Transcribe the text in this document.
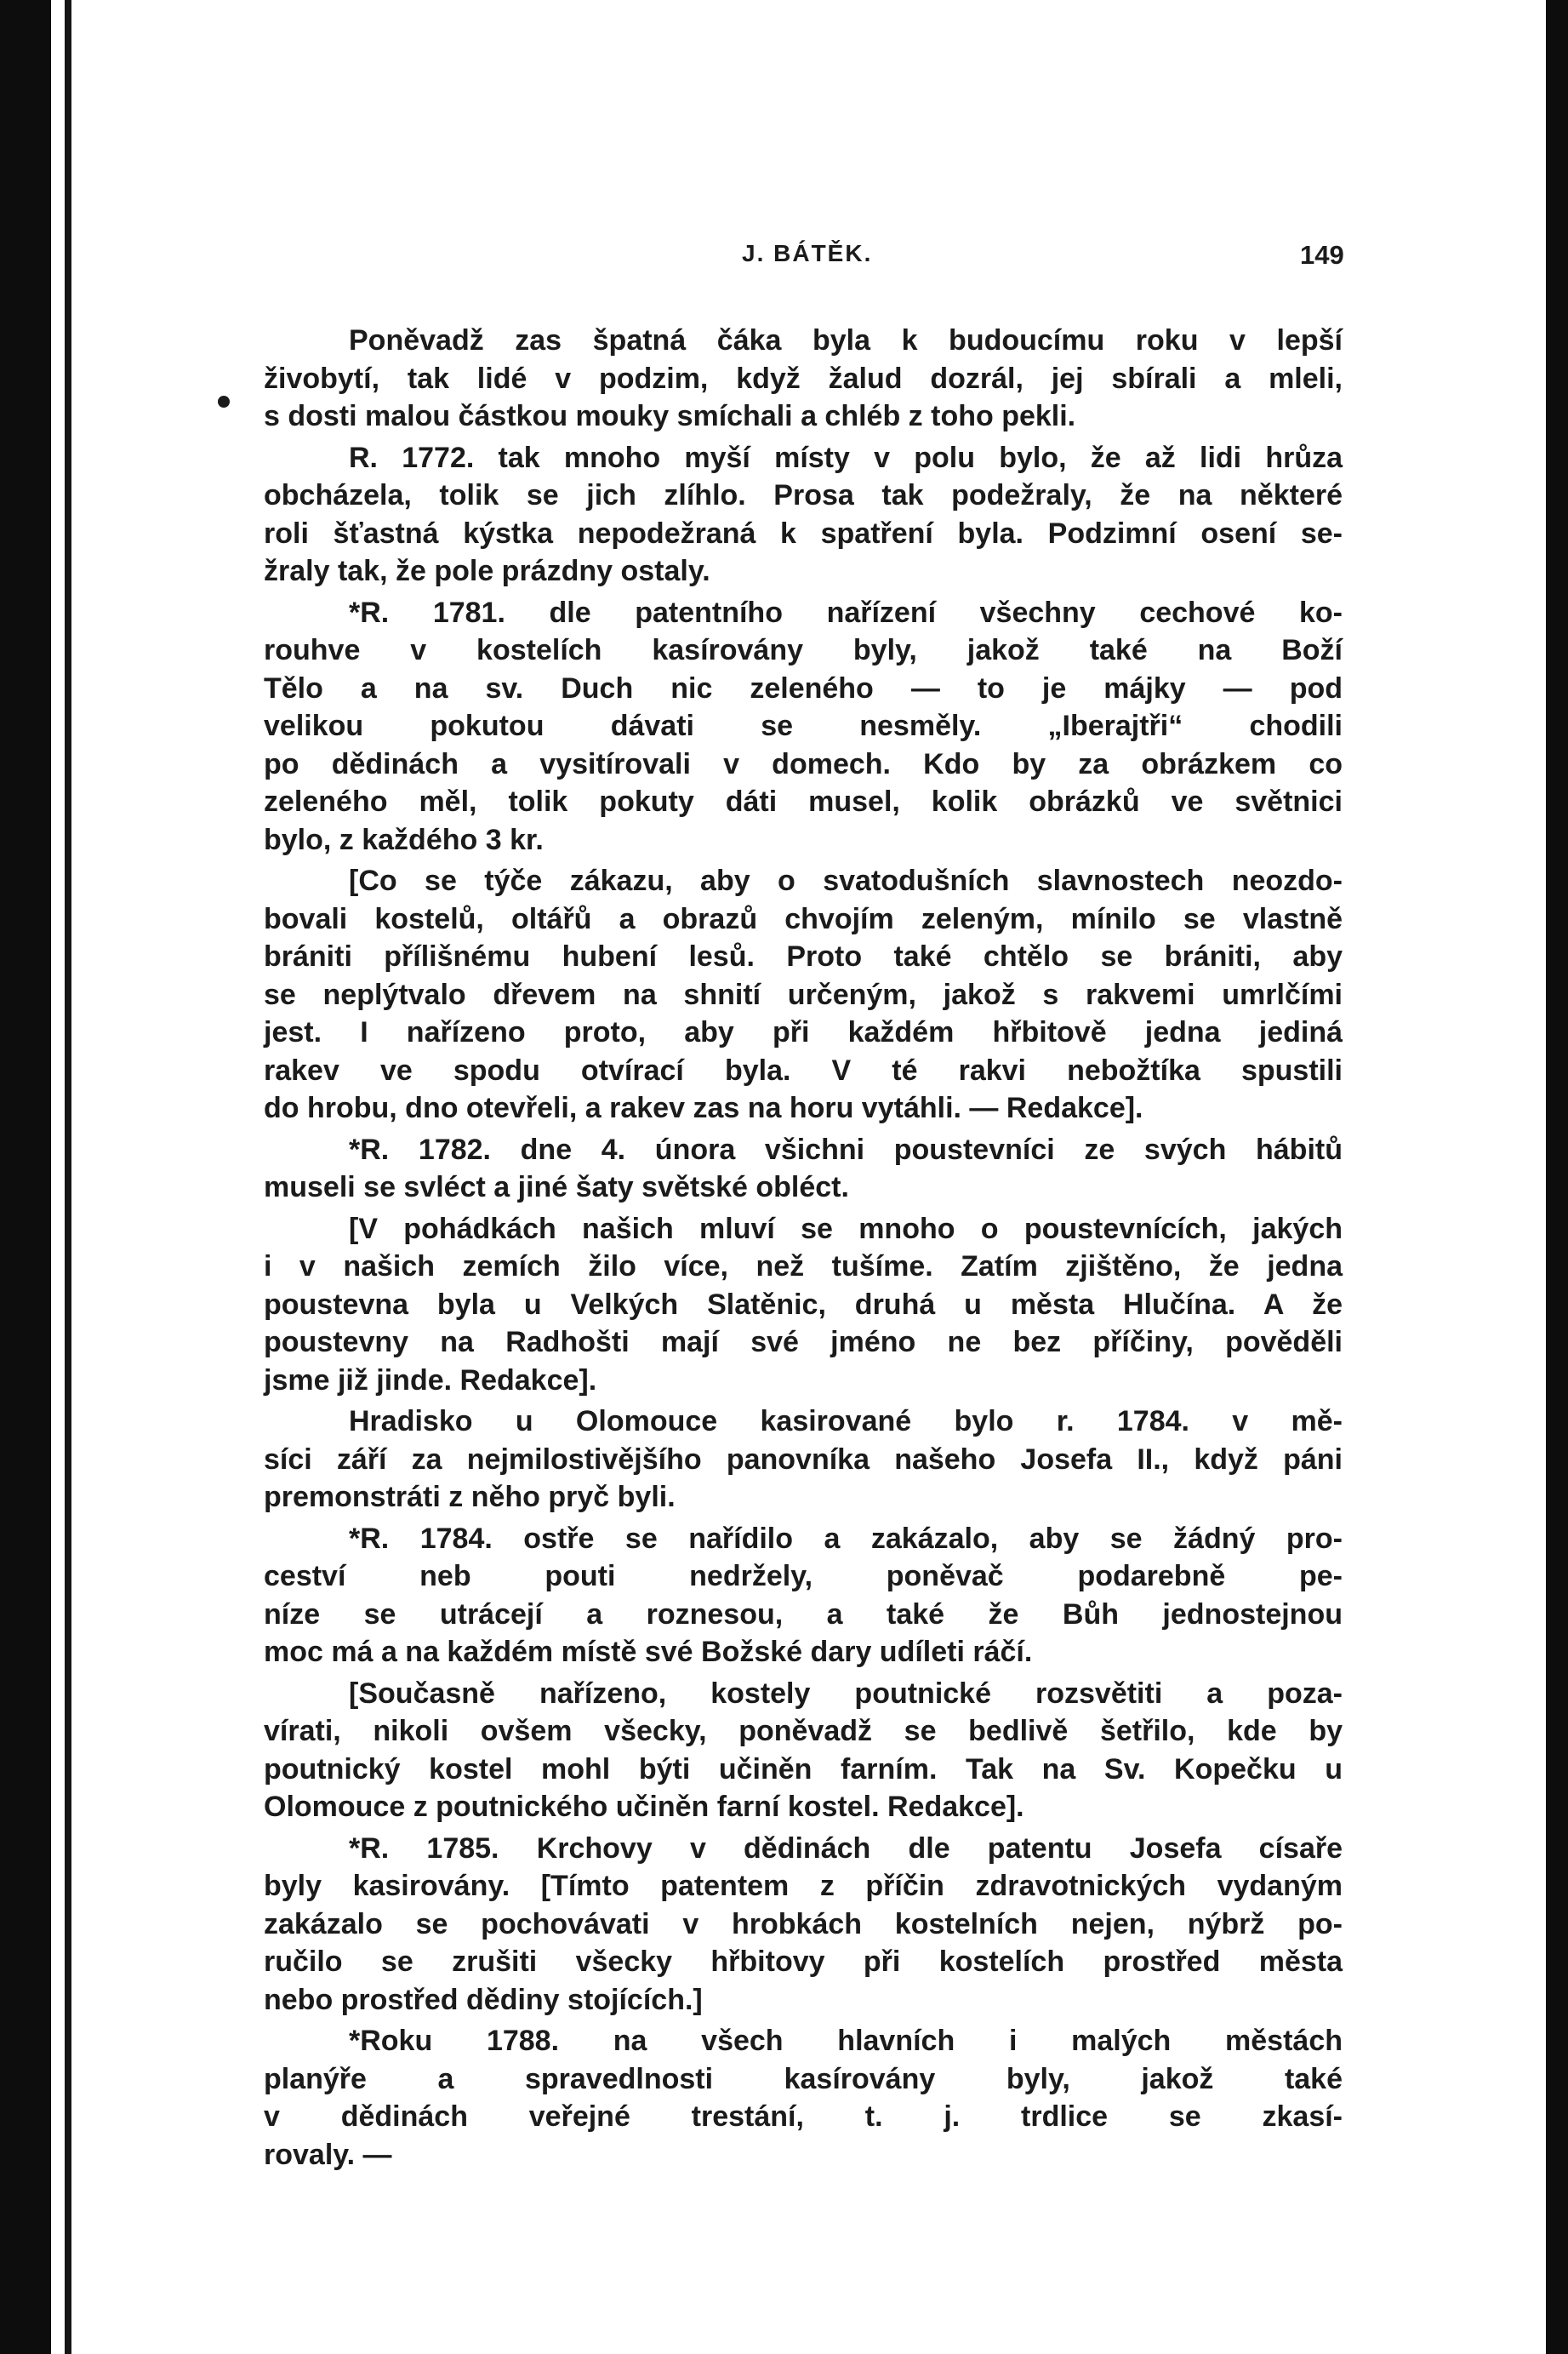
J. BÁTĚK.	149
Poněvadž zas špatná čáka byla k budoucímu roku v lepší
živobytí, tak lidé v podzim, když žalud dozrál, jej sbírali a mleli,
s dosti malou částkou mouky smíchali a chléb z toho pekli.
R. 1772. tak mnoho myší místy v polu bylo, že až lidi hrůza
obcházela, tolik se jich zlíhlo. Prosa tak podežraly, že na některé
roli šťastná kýstka nepodežraná k spatření byla. Podzimní osení se-
žraly tak, že pole prázdny ostaly.
*R. 1781. dle patentního nařízení všechny cechové ko-
rouhve v kostelích kasírovány byly, jakož také na Boží
Tělo a na sv. Duch nic zeleného — to je májky — pod
velikou pokutou dávati se nesměly. „Iberajtři“ chodili
po dědinách a vysitírovali v domech. Kdo by za obrázkem co
zeleného měl, tolik pokuty dáti musel, kolik obrázků ve světnici
bylo, z každého 3 kr.
[Co se týče zákazu, aby o svatodušních slavnostech neozdo-
bovali kostelů, oltářů a obrazů chvojím zeleným, mínilo se vlastně
brániti přílišnému hubení lesů. Proto také chtělo se brániti, aby
se neplýtvalo dřevem na shnití určeným, jakož s rakvemi umrlčími
jest. I nařízeno proto, aby při každém hřbitově jedna jediná
rakev ve spodu otvírací byla. V té rakvi nebožtíka spustili
do hrobu, dno otevřeli, a rakev zas na horu vytáhli. — Redakce].
*R. 1782. dne 4. února všichni poustevníci ze svých hábitů
museli se svléct a jiné šaty světské obléct.
[V pohádkách našich mluví se mnoho o poustevnících, jakých
i v našich zemích žilo více, než tušíme. Zatím zjištěno, že jedna
poustevna byla u Velkých Slatěnic, druhá u města Hlučína. A že
poustevny na Radhošti mají své jméno ne bez příčiny, pověděli
jsme již jinde. Redakce].
Hradisko u Olomouce kasirované bylo r. 1784. v mě-
síci září za nejmilostivějšího panovníka našeho Josefa II., když páni
premonstráti z něho pryč byli.
*R. 1784. ostře se nařídilo a zakázalo, aby se žádný pro-
ceství neb pouti nedržely, poněvač podarebně pe-
níze se utrácejí a roznesou, a také že Bůh jednostejnou
moc má a na každém místě své Božské dary udíleti ráčí.
[Současně nařízeno, kostely poutnické rozsvětiti a poza-
vírati, nikoli ovšem všecky, poněvadž se bedlivě šetřilo, kde by
poutnický kostel mohl býti učiněn farním. Tak na Sv. Kopečku u
Olomouce z poutnického učiněn farní kostel. Redakce].
*R. 1785. Krchovy v dědinách dle patentu Josefa císaře
byly kasirovány. [Tímto patentem z příčin zdravotnických vydaným
zakázalo se pochovávati v hrobkách kostelních nejen, nýbrž po-
ručilo se zrušiti všecky hřbitovy při kostelích prostřed města
nebo prostřed dědiny stojících.]
*Roku 1788. na všech hlavních i malých městách
planýře a spravedlnosti kasírovány byly, jakož také
v dědinách veřejné trestání, t. j. trdlice se zkasí-
rovaly. —
